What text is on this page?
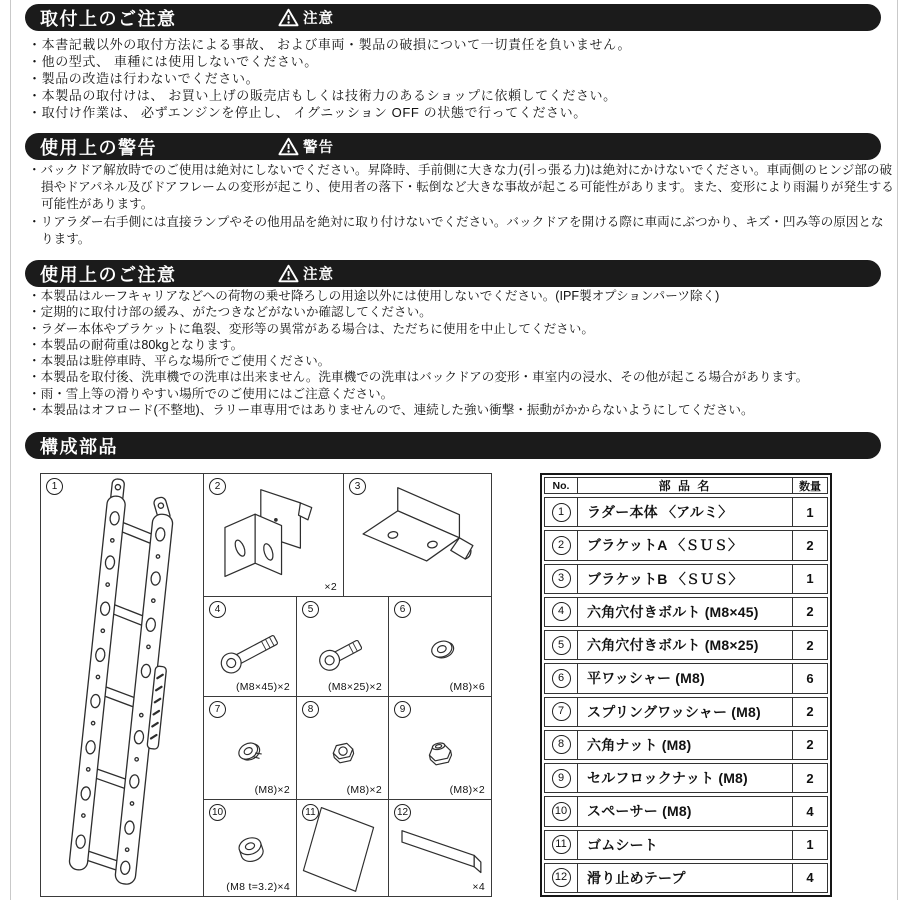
取付上のご注意	注意
・ 本書記載以外の取付方法による事故、 および車両・製品の破損について一切責任を負いません。
・ 他の型式、 車種には使用しないでください。
・ 製品の改造は行わないでください。
・ 本製品の取付けは、 お買い上げの販売店もしくは技術力のあるショップに依頼してください。
・ 取付け作業は、 必ずエンジンを停止し、 イグニッション OFF の状態で行ってください。
使用上の警告	警告
・ バックドア解放時でのご使用は絶対にしないでください。昇降時、手前側に大きな力(引っ張る力)は絶対にかけないでください。車両側のヒンジ部の破損やドアパネル及びドアフレームの変形が起こり、使用者の落下・転倒など大きな事故が起こる可能性があります。また、変形により雨漏りが発生する可能性があります。
・ リアラダー右手側には直接ランプやその他用品を絶対に取り付けないでください。バックドアを開ける際に車両にぶつかり、キズ・凹み等の原因となります。
使用上のご注意	注意
・ 本製品はルーフキャリアなどへの荷物の乗せ降ろしの用途以外には使用しないでください。(IPF製オプションパーツ除く)
・ 定期的に取付け部の緩み、がたつきなどがないか確認してください。
・ ラダー本体やブラケットに亀裂、変形等の異常がある場合は、ただちに使用を中止してください。
・ 本製品の耐荷重は80kgとなります。
・ 本製品は駐停車時、平らな場所でご使用ください。
・ 本製品を取付後、洗車機での洗車は出来ません。洗車機での洗車はバックドアの変形・車室内の浸水、その他が起こる場合があります。
・ 雨・雪上等の滑りやすい場所でのご使用にはご注意ください。
・ 本製品はオフロード(不整地)、ラリー車専用ではありませんので、連続した強い衝撃・振動がかからないようにしてください。
構成部品
1	2
×2
3
4
(M8×45)×2
5
(M8×25)×2
6
(M8)×6
7
(M8)×2
8
(M8)×2
9
(M8)×2
10
(M8 t=3.2)×4
11	12
×4
No.	部 品 名	数量
1	ラダー本体 〈アルミ〉	1
2	ブラケットA 〈ＳＵＳ〉	2
3	ブラケットB 〈ＳＵＳ〉	1
4	六角穴付きボルト (M8×45)	2
5	六角穴付きボルト (M8×25)	2
6	平ワッシャー (M8)	6
7	スプリングワッシャー (M8)	2
8	六角ナット (M8)	2
9	セルフロックナット (M8)	2
10	スペーサー (M8)	4
11	ゴムシート	1
12	滑り止めテープ	4
